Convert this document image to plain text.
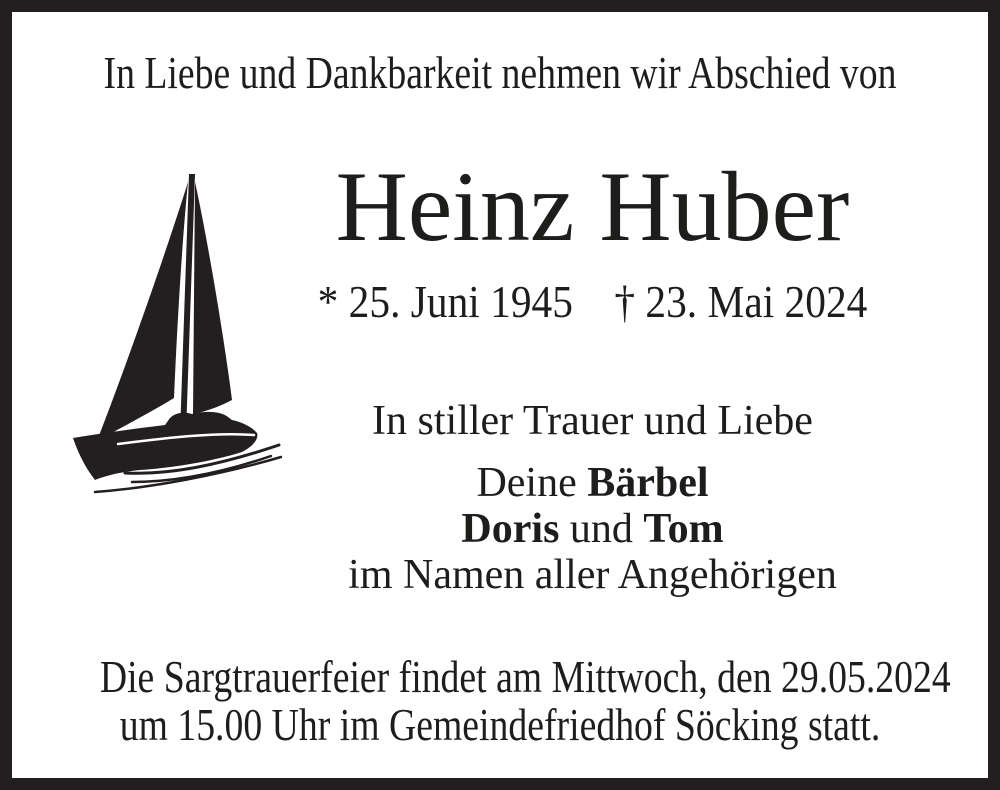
In Liebe und Dankbarkeit nehmen wir Abschied von
Heinz Huber
* 25. Juni 1945 † 23. Mai 2024
In stiller Trauer und Liebe
Deine Bärbel
Doris und Tom
im Namen aller Angehörigen
Die Sargtrauerfeier findet am Mittwoch, den 29.05.2024
um 15.00 Uhr im Gemeindefriedhof Söcking statt.
